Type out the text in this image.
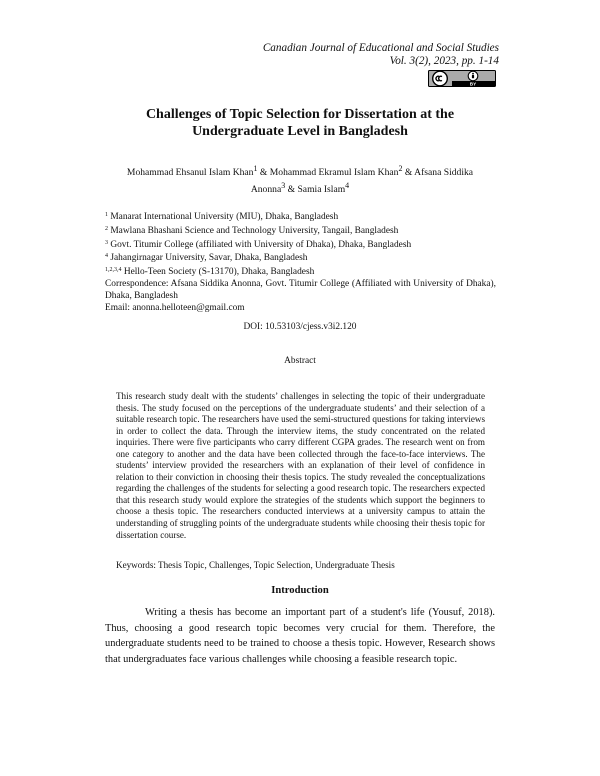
Canadian Journal of Educational and Social Studies
Vol. 3(2), 2023, pp. 1-14
BY
Challenges of Topic Selection for Dissertation at the Undergraduate Level in Bangladesh
Mohammad Ehsanul Islam Khan$^1$ & Mohammad Ekramul Islam Khan$^2$ & Afsana Siddika
Anonna$^3$ & Samia Islam$^4$
$^1$ Manarat International University (MIU), Dhaka, Bangladesh
$^2$ Mawlana Bhashani Science and Technology University, Tangail, Bangladesh
$^3$ Govt. Titumir College (affiliated with University of Dhaka), Dhaka, Bangladesh
$^4$ Jahangirnagar University, Savar, Dhaka, Bangladesh
$^{1,2,3,4}$ Hello-Teen Society (S-13170), Dhaka, Bangladesh
Correspondence: Afsana Siddika Anonna, Govt. Titumir College (Affiliated with University of Dhaka), Dhaka, Bangladesh
Email: anonna.helloteen@gmail.com
DOI: 10.53103/cjess.v3i2.120
Abstract
This research study dealt with the students’ challenges in selecting the topic of their undergraduate thesis. The study focused on the perceptions of the undergraduate students’ and their selection of a suitable research topic. The researchers have used the semi-structured questions for taking interviews in order to collect the data. Through the interview items, the study concentrated on the related inquiries. There were five participants who carry different CGPA grades. The research went on from one category to another and the data have been collected through the face-to-face interviews. The students’ interview provided the researchers with an explanation of their level of confidence in relation to their conviction in choosing their thesis topics. The study revealed the conceptualizations regarding the challenges of the students for selecting a good research topic. The researchers expected that this research study would explore the strategies of the students which support the beginners to choose a thesis topic. The researchers conducted interviews at a university campus to attain the understanding of struggling points of the undergraduate students while choosing their thesis topic for dissertation course.
Keywords: Thesis Topic, Challenges, Topic Selection, Undergraduate Thesis
Introduction
Writing a thesis has become an important part of a student's life (Yousuf, 2018). Thus, choosing a good research topic becomes very crucial for them. Therefore, the undergraduate students need to be trained to choose a thesis topic. However, Research shows that undergraduates face various challenges while choosing a feasible research topic.
